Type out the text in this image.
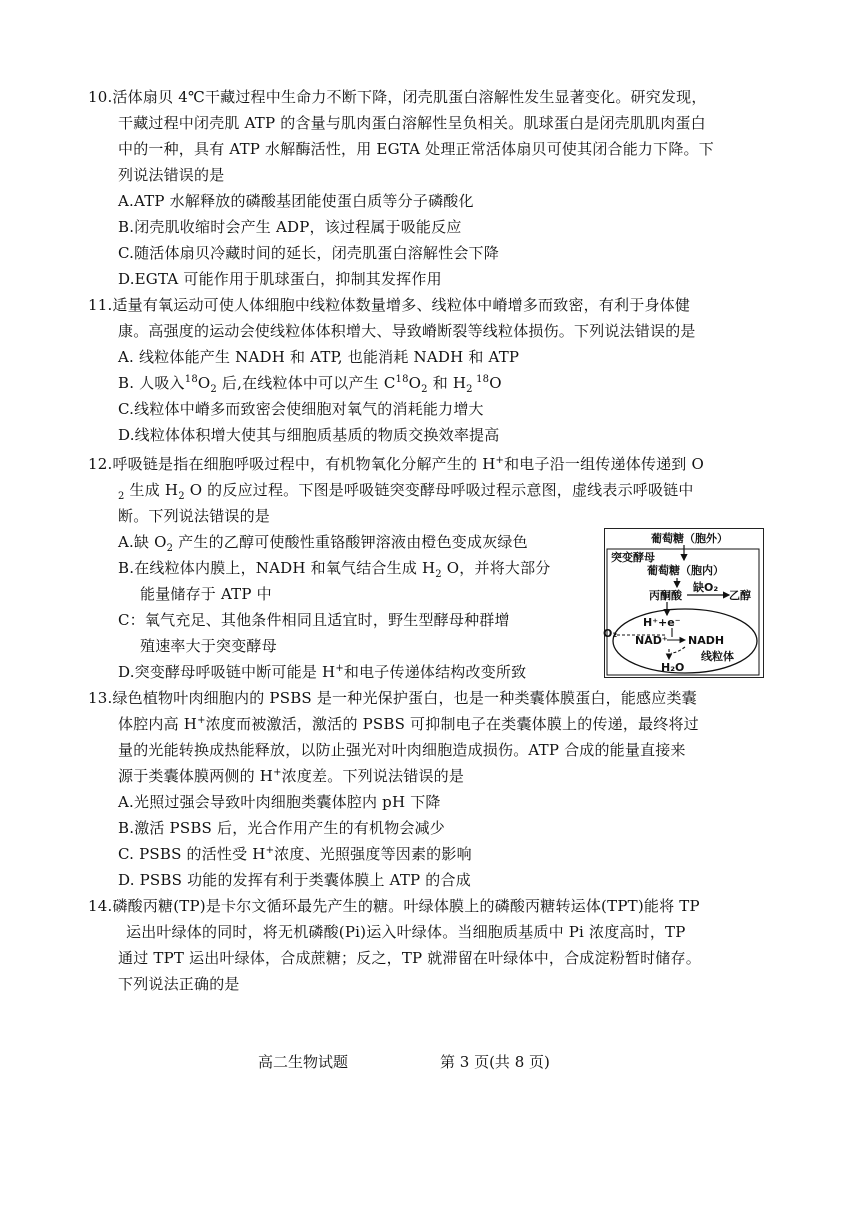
10.活体扇贝 4℃干藏过程中生命力不断下降，闭壳肌蛋白溶解性发生显著变化。研究发现，
干藏过程中闭壳肌 ATP 的含量与肌肉蛋白溶解性呈负相关。肌球蛋白是闭壳肌肌肉蛋白
中的一种，具有 ATP 水解酶活性，用 EGTA 处理正常活体扇贝可使其闭合能力下降。下
列说法错误的是
A.ATP 水解释放的磷酸基团能使蛋白质等分子磷酸化
B.闭壳肌收缩时会产生 ADP，该过程属于吸能反应
C.随活体扇贝冷藏时间的延长，闭壳肌蛋白溶解性会下降
D.EGTA 可能作用于肌球蛋白，抑制其发挥作用
11.适量有氧运动可使人体细胞中线粒体数量增多、线粒体中嵴增多而致密，有利于身体健
康。高强度的运动会使线粒体体积增大、导致嵴断裂等线粒体损伤。下列说法错误的是
A. 线粒体能产生 NADH 和 ATP, 也能消耗 NADH 和 ATP
B. 人吸入$^{18}O_2$ 后,在线粒体中可以产生 $C^{18}O_2$ 和 $H_2$ $^{18}$O
C.线粒体中嵴多而致密会使细胞对氧气的消耗能力增大
D.线粒体体积增大使其与细胞质基质的物质交换效率提高
12.呼吸链是指在细胞呼吸过程中，有机物氧化分解产生的 H+和电子沿一组传递体传递到 O
$_2$ 生成 $H_2$ O 的反应过程。下图是呼吸链突变酵母呼吸过程示意图，虚线表示呼吸链中
断。下列说法错误的是
A.缺 $O_2$ 产生的乙醇可使酸性重铬酸钾溶液由橙色变成灰绿色
B.在线粒体内膜上，NADH 和氧气结合生成 $H_2$ O，并将大部分
能量储存于 ATP 中
C：氧气充足、其他条件相同且适宜时，野生型酵母种群增
殖速率大于突变酵母
D.突变酵母呼吸链中断可能是 H+和电子传递体结构改变所致
葡萄糖（胞外）
突变酵母
葡萄糖（胞内）
丙酮酸
缺O₂
乙醇
H⁺+e⁻
NAD⁺ NADH
O₂
H₂O
线粒体
13.绿色植物叶肉细胞内的 PSBS 是一种光保护蛋白，也是一种类囊体膜蛋白，能感应类囊
体腔内高 H+浓度而被激活，激活的 PSBS 可抑制电子在类囊体膜上的传递，最终将过
量的光能转换成热能释放，以防止强光对叶肉细胞造成损伤。ATP 合成的能量直接来
源于类囊体膜两侧的 H+浓度差。下列说法错误的是
A.光照过强会导致叶肉细胞类囊体腔内 pH 下降
B.激活 PSBS 后，光合作用产生的有机物会减少
C. PSBS 的活性受 H+浓度、光照强度等因素的影响
D. PSBS 功能的发挥有利于类囊体膜上 ATP 的合成
14.磷酸丙糖(TP)是卡尔文循环最先产生的糖。叶绿体膜上的磷酸丙糖转运体(TPT)能将 TP
运出叶绿体的同时，将无机磷酸(Pi)运入叶绿体。当细胞质基质中 Pi 浓度高时，TP
通过 TPT 运出叶绿体，合成蔗糖；反之，TP 就滞留在叶绿体中，合成淀粉暂时储存。
下列说法正确的是
高二生物试题	第 3 页(共 8 页)
